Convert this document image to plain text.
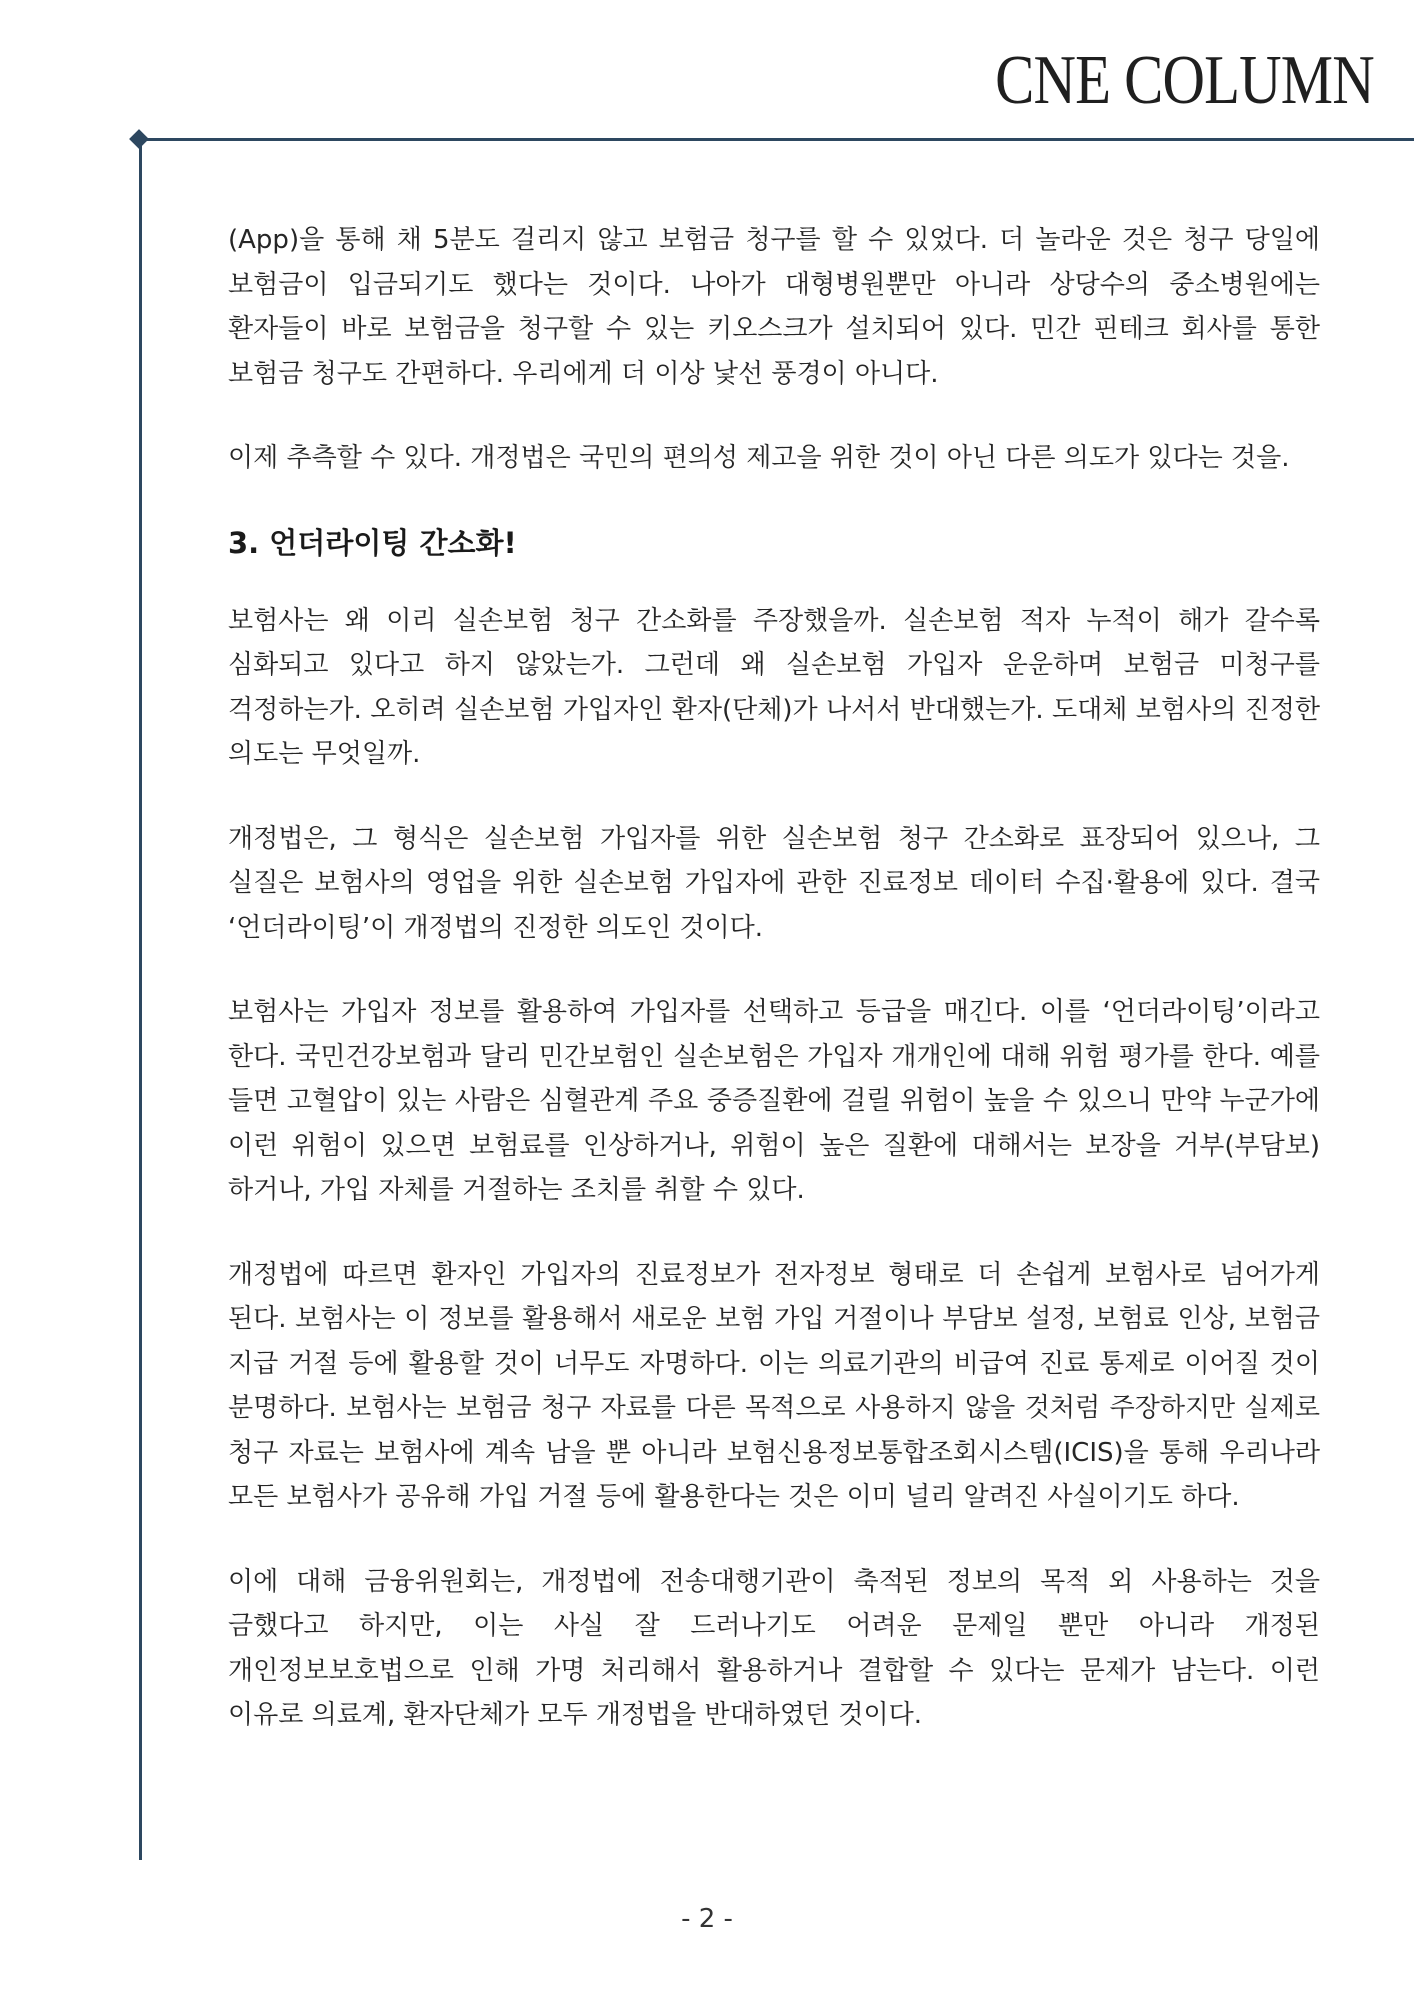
CNE COLUMN

(App)을 통해 채 5분도 걸리지 않고 보험금 청구를 할 수 있었다. 더 놀라운 것은 청구 당일에 보험금이 입금되기도 했다는 것이다. 나아가 대형병원뿐만 아니라 상당수의 중소병원에는 환자들이 바로 보험금을 청구할 수 있는 키오스크가 설치되어 있다. 민간 핀테크 회사를 통한 보험금 청구도 간편하다. 우리에게 더 이상 낯선 풍경이 아니다.

이제 추측할 수 있다. 개정법은 국민의 편의성 제고을 위한 것이 아닌 다른 의도가 있다는 것을.

3. 언더라이팅 간소화!

보험사는 왜 이리 실손보험 청구 간소화를 주장했을까. 실손보험 적자 누적이 해가 갈수록 심화되고 있다고 하지 않았는가. 그런데 왜 실손보험 가입자 운운하며 보험금 미청구를 걱정하는가. 오히려 실손보험 가입자인 환자(단체)가 나서서 반대했는가. 도대체 보험사의 진정한 의도는 무엇일까.

개정법은, 그 형식은 실손보험 가입자를 위한 실손보험 청구 간소화로 표장되어 있으나, 그 실질은 보험사의 영업을 위한 실손보험 가입자에 관한 진료정보 데이터 수집·활용에 있다. 결국 ‘언더라이팅’이 개정법의 진정한 의도인 것이다.

보험사는 가입자 정보를 활용하여 가입자를 선택하고 등급을 매긴다. 이를 ‘언더라이팅’이라고 한다. 국민건강보험과 달리 민간보험인 실손보험은 가입자 개개인에 대해 위험 평가를 한다. 예를 들면 고혈압이 있는 사람은 심혈관계 주요 중증질환에 걸릴 위험이 높을 수 있으니 만약 누군가에 이런 위험이 있으면 보험료를 인상하거나, 위험이 높은 질환에 대해서는 보장을 거부(부담보)하거나, 가입 자체를 거절하는 조치를 취할 수 있다.

개정법에 따르면 환자인 가입자의 진료정보가 전자정보 형태로 더 손쉽게 보험사로 넘어가게 된다. 보험사는 이 정보를 활용해서 새로운 보험 가입 거절이나 부담보 설정, 보험료 인상, 보험금 지급 거절 등에 활용할 것이 너무도 자명하다. 이는 의료기관의 비급여 진료 통제로 이어질 것이 분명하다. 보험사는 보험금 청구 자료를 다른 목적으로 사용하지 않을 것처럼 주장하지만 실제로 청구 자료는 보험사에 계속 남을 뿐 아니라 보험신용정보통합조회시스템(ICIS)을 통해 우리나라 모든 보험사가 공유해 가입 거절 등에 활용한다는 것은 이미 널리 알려진 사실이기도 하다.

이에 대해 금융위원회는, 개정법에 전송대행기관이 축적된 정보의 목적 외 사용하는 것을 금했다고 하지만, 이는 사실 잘 드러나기도 어려운 문제일 뿐만 아니라 개정된 개인정보보호법으로 인해 가명 처리해서 활용하거나 결합할 수 있다는 문제가 남는다. 이런 이유로 의료계, 환자단체가 모두 개정법을 반대하였던 것이다.

- 2 -
